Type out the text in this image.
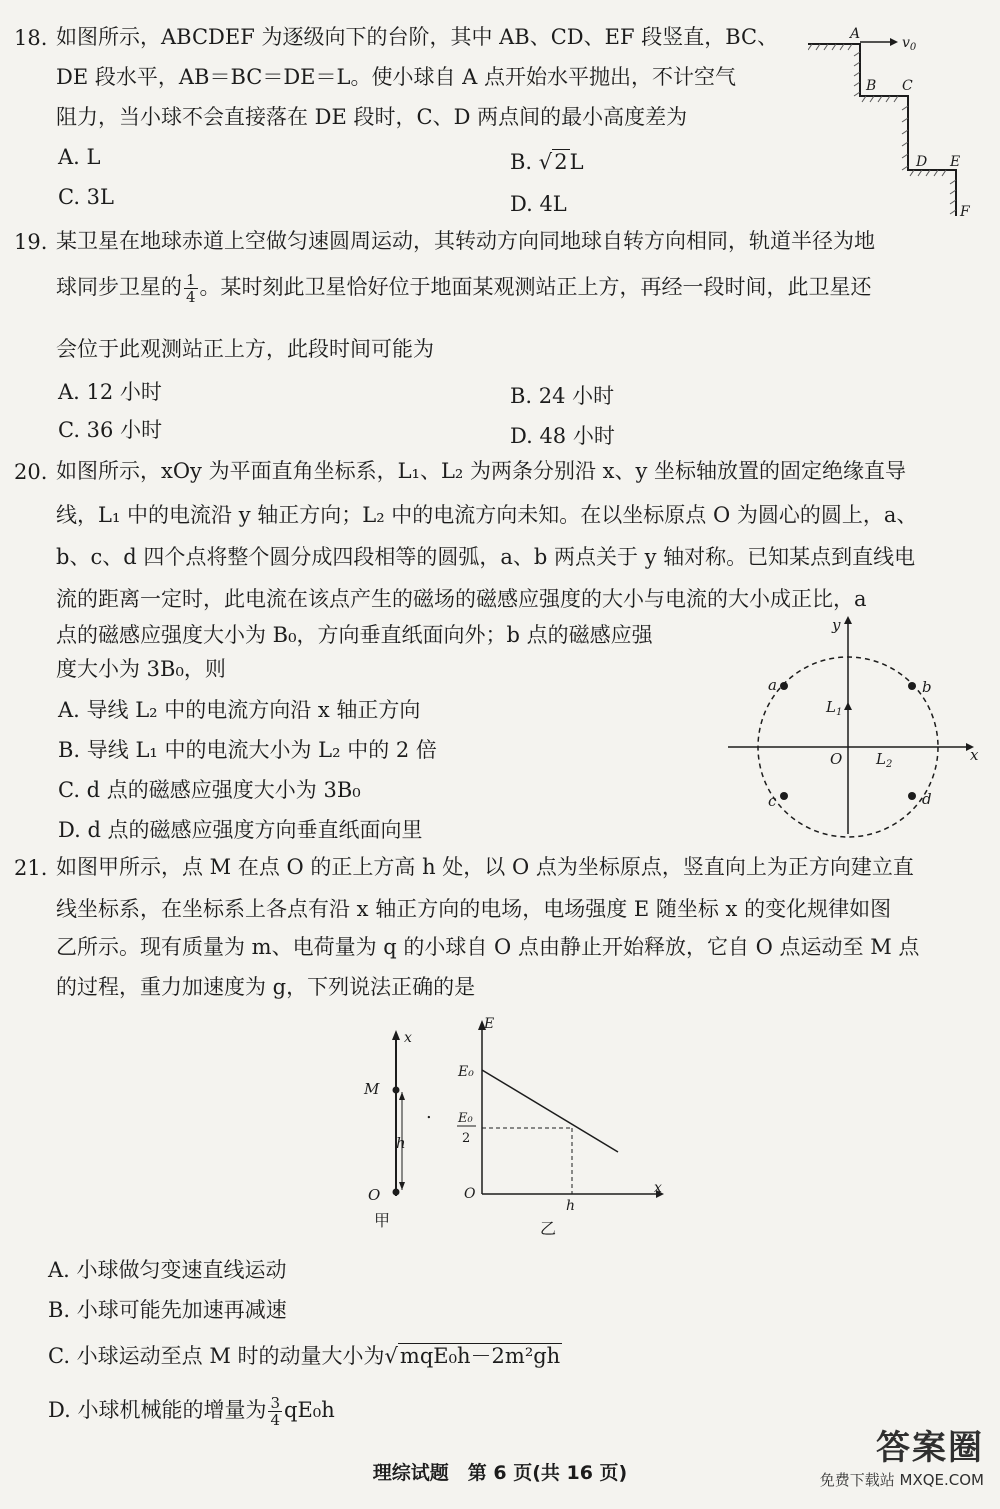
18. 如图所示，ABCDEF 为逐级向下的台阶，其中 AB、CD、EF 段竖直，BC、
DE 段水平，AB＝BC＝DE＝L。使小球自 A 点开始水平抛出，不计空气
阻力，当小球不会直接落在 DE 段时，C、D 两点间的最小高度差为
A. L	B. √2L
C. 3L	D. 4L
A
$v_0$
B C
D E
F
19. 某卫星在地球赤道上空做匀速圆周运动，其转动方向同地球自转方向相同，轨道半径为地
球同步卫星的 $\frac{1}{4}$ 。某时刻此卫星恰好位于地面某观测站正上方，再经一段时间，此卫星还
会位于此观测站正上方，此段时间可能为
A. 12 小时	B. 24 小时
C. 36 小时	D. 48 小时
20. 如图所示，xOy 为平面直角坐标系，L₁、L₂ 为两条分别沿 x、y 坐标轴放置的固定绝缘直导
线，L₁ 中的电流沿 y 轴正方向；L₂ 中的电流方向未知。在以坐标原点 O 为圆心的圆上，a、
b、c、d 四个点将整个圆分成四段相等的圆弧，a、b 两点关于 y 轴对称。已知某点到直线电
流的距离一定时，此电流在该点产生的磁场的磁感应强度的大小与电流的大小成正比，a
点的磁感应强度大小为 B₀，方向垂直纸面向外；b 点的磁感应强
度大小为 3B₀，则
A. 导线 L₂ 中的电流方向沿 x 轴正方向
B. 导线 L₁ 中的电流大小为 L₂ 中的 2 倍
C. d 点的磁感应强度大小为 3B₀
D. d 点的磁感应强度方向垂直纸面向里
y
x
O
a	b
c	d
$L_1$
$L_2$
21. 如图甲所示，点 M 在点 O 的正上方高 h 处，以 O 点为坐标原点，竖直向上为正方向建立直
线坐标系，在坐标系上各点有沿 x 轴正方向的电场，电场强度 E 随坐标 x 的变化规律如图
乙所示。现有质量为 m、电荷量为 q 的小球自 O 点由静止开始释放，它自 O 点运动至 M 点
的过程，重力加速度为 g，下列说法正确的是
x
M
h
O
甲
.
E
E₀
E₀
2
O
h
x
乙
A. 小球做匀变速直线运动
B. 小球可能先加速再减速
C. 小球运动至点 M 时的动量大小为√mqE₀h－2m²gh
D. 小球机械能的增量为 $\frac{3}{4} qE_0h$
理综试题　第 6 页(共 16 页)
答案圈
免费下载站 MXQE.COM
